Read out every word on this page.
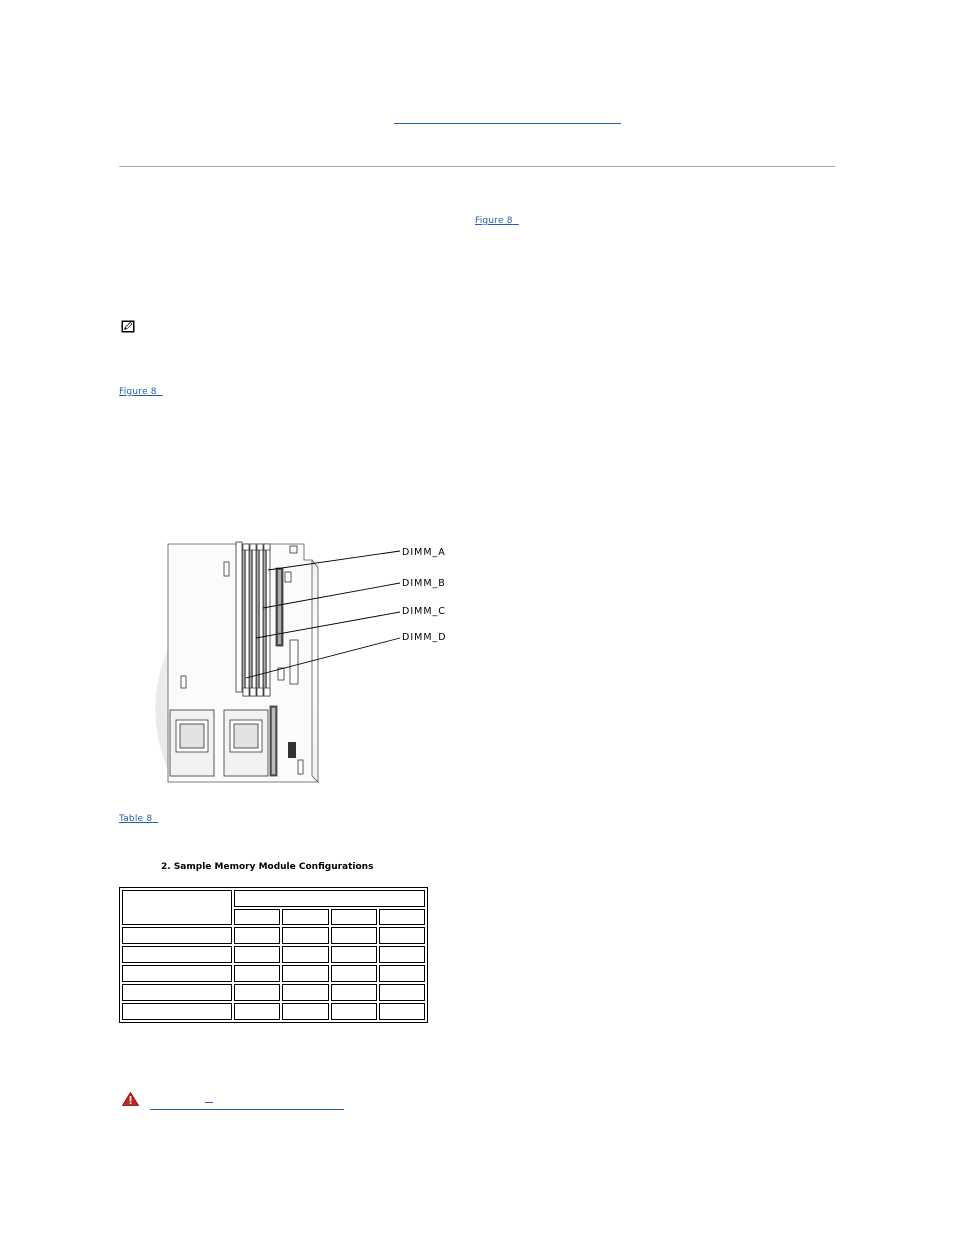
Figure 8
Figure 8
DIMM_A
DIMM_B
DIMM_C
DIMM_D
Table 8
2. Sample Memory Module Configurations
